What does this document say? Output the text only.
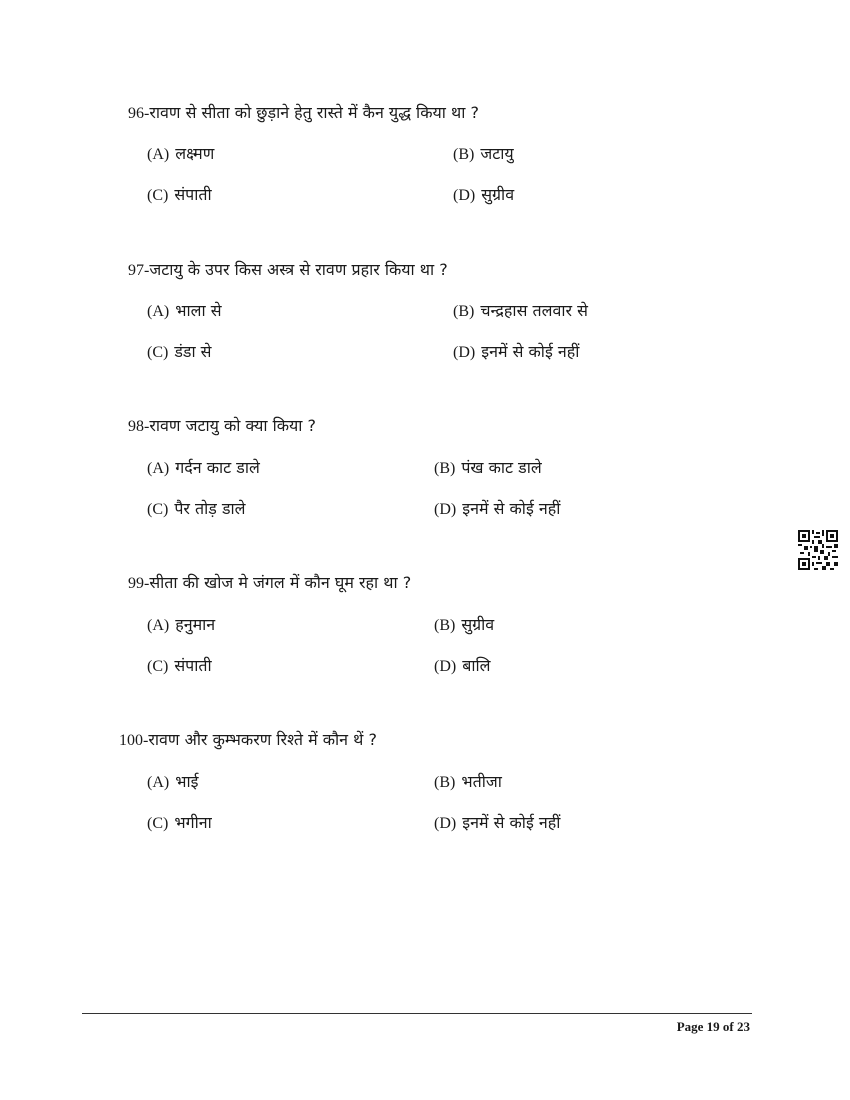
96-रावण से सीता को छुड़ाने हेतु रास्ते में कैन युद्ध किया था ?
(A) लक्ष्मण	(B) जटायु
(C) संपाती	(D) सुग्रीव
97-जटायु के उपर किस अस्त्र से रावण प्रहार किया था ?
(A) भाला से	(B) चन्द्रहास तलवार से
(C) डंडा से	(D) इनमें से कोई नहीं
98-रावण जटायु को क्या किया ?
(A) गर्दन काट डाले	(B) पंख काट डाले
(C) पैर तोड़ डाले	(D) इनमें से कोई नहीं
99-सीता की खोज मे जंगल में कौन घूम रहा था ?
(A) हनुमान	(B) सुग्रीव
(C) संपाती	(D) बालि
100-रावण और कुम्भकरण रिश्ते में कौन थें ?
(A) भाई	(B) भतीजा
(C) भगीना	(D) इनमें से कोई नहीं
Page 19 of 23
